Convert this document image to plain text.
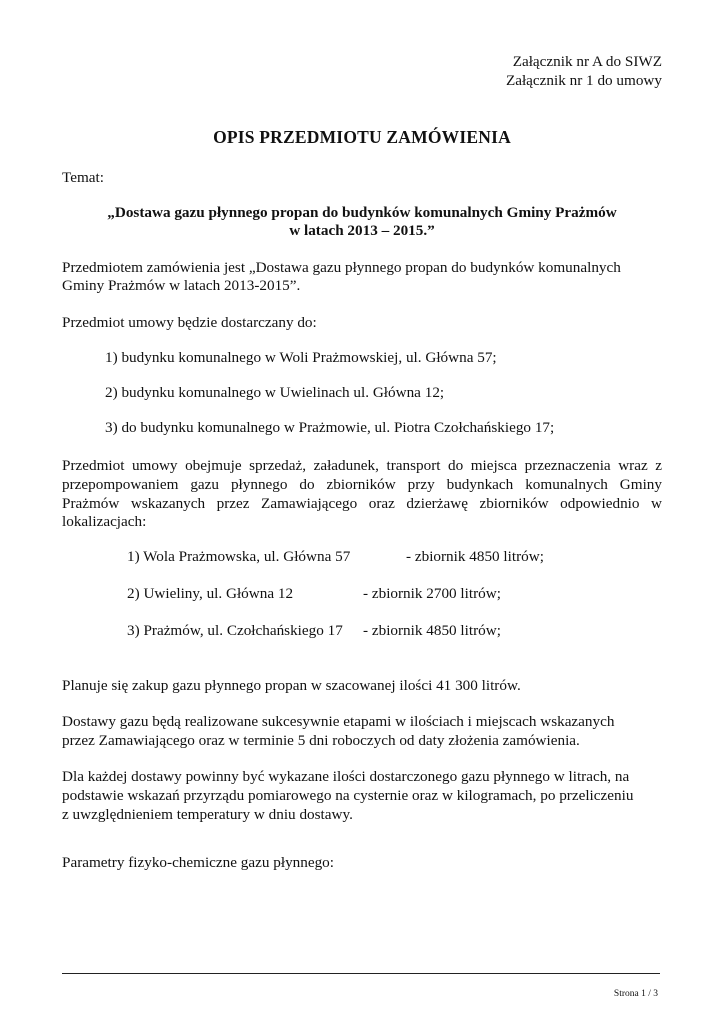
Załącznik nr A do SIWZ

Załącznik nr 1 do umowy

OPIS PRZEDMIOTU ZAMÓWIENIA

Temat:

„Dostawa gazu płynnego propan do budynków komunalnych Gminy Prażmów

w latach 2013 – 2015.”

Przedmiotem zamówienia jest „Dostawa gazu płynnego propan do budynków komunalnych

Gminy Prażmów w latach 2013-2015”.

Przedmiot umowy będzie dostarczany do:

1) budynku komunalnego w Woli Prażmowskiej, ul. Główna 57;

2) budynku komunalnego w Uwielinach ul. Główna 12;

3) do budynku komunalnego w Prażmowie, ul. Piotra Czołchańskiego 17;

Przedmiot umowy obejmuje sprzedaż, załadunek, transport do miejsca przeznaczenia wraz z

przepompowaniem gazu płynnego do zbiorników przy budynkach komunalnych Gminy

Prażmów wskazanych przez Zamawiającego oraz dzierżawę zbiorników odpowiednio w

lokalizacjach:

1) Wola Prażmowska, ul. Główna 57	- zbiornik 4850 litrów;

2) Uwieliny, ul. Główna 12	- zbiornik 2700 litrów;

3) Prażmów, ul. Czołchańskiego 17 - zbiornik 4850 litrów;

Planuje się zakup gazu płynnego propan w szacowanej ilości 41 300 litrów.

Dostawy gazu będą realizowane sukcesywnie etapami w ilościach i miejscach wskazanych

przez Zamawiającego oraz w terminie 5 dni roboczych od daty złożenia zamówienia.

Dla każdej dostawy powinny być wykazane ilości dostarczonego gazu płynnego w litrach, na

podstawie wskazań przyrządu pomiarowego na cysternie oraz w kilogramach, po przeliczeniu

z uwzględnieniem temperatury w dniu dostawy.

Parametry fizyko-chemiczne gazu płynnego:

Strona 1 / 3
